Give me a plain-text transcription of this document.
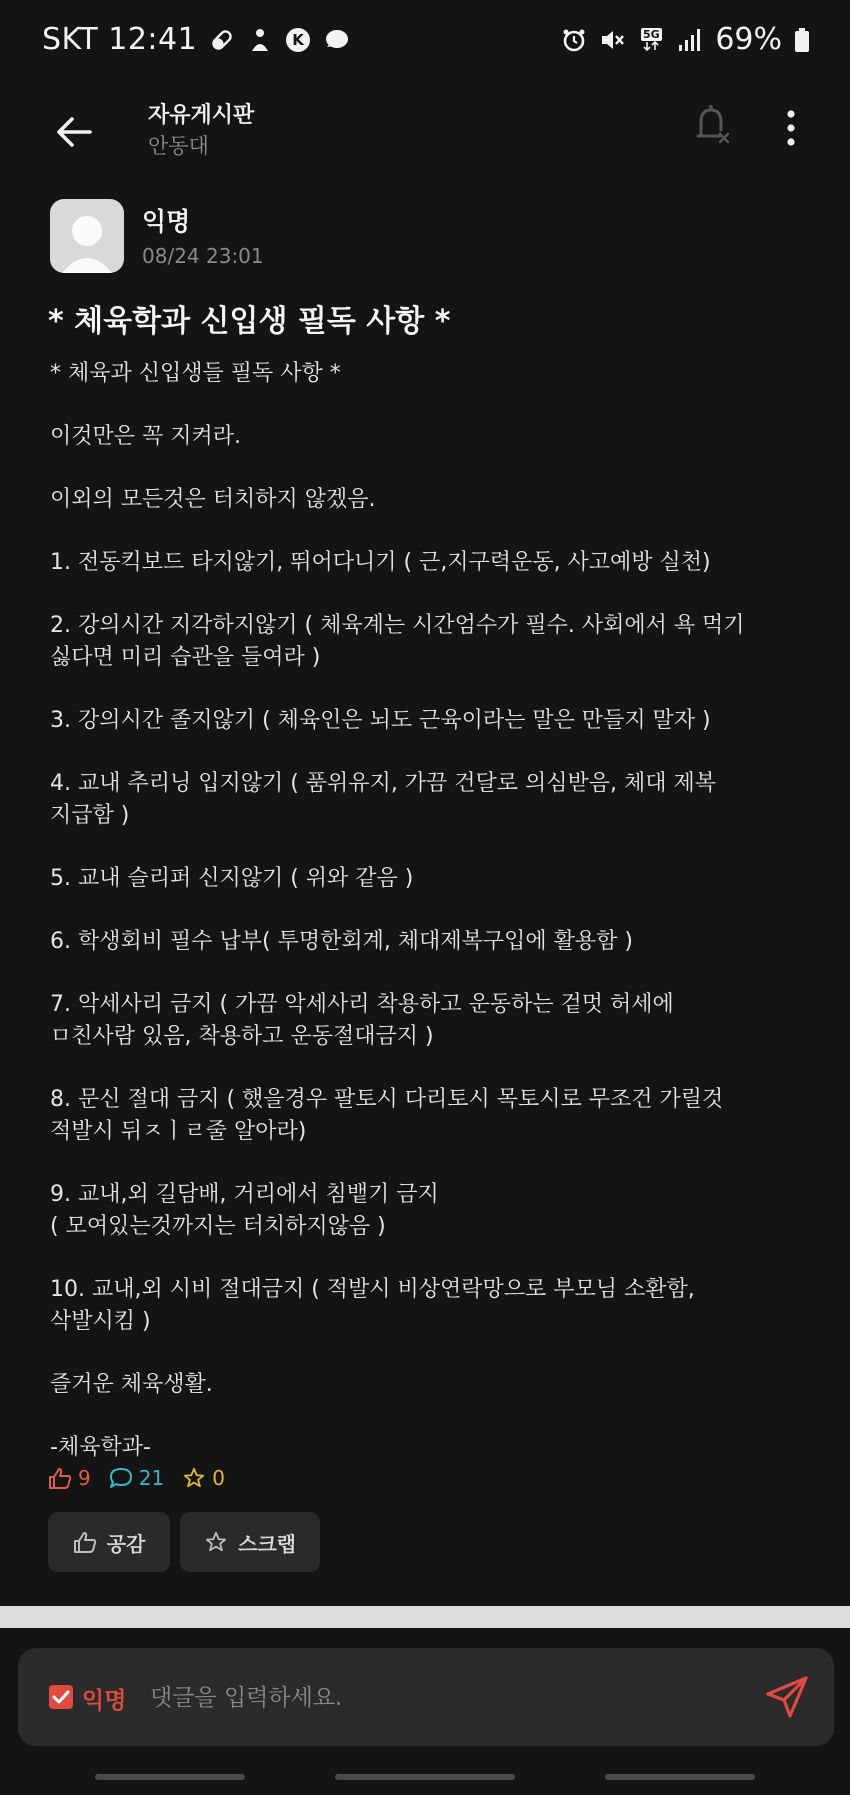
SKT 12:41	K	5G 69%
자유게시판
안동대
익명
08/24 23:01
* 체육학과 신입생 필독 사항 *

* 체육과 신입생들 필독 사항 *

이것만은 꼭 지켜라.

이외의 모든것은 터치하지 않겠음.

1. 전동킥보드 타지않기, 뛰어다니기 ( 근,지구력운동, 사고예방 실천)

2. 강의시간 지각하지않기 ( 체육계는 시간엄수가 필수. 사회에서 욕 먹기

싫다면 미리 습관을 들여라 )

3. 강의시간 졸지않기 ( 체육인은 뇌도 근육이라는 말은 만들지 말자 )

4. 교내 추리닝 입지않기 ( 품위유지, 가끔 건달로 의심받음, 체대 제복

지급함 )

5. 교내 슬리퍼 신지않기 ( 위와 같음 )

6. 학생회비 필수 납부( 투명한회계, 체대제복구입에 활용함 )

7. 악세사리 금지 ( 가끔 악세사리 착용하고 운동하는 겉멋 허세에

ㅁ친사람 있음, 착용하고 운동절대금지 )

8. 문신 절대 금지 ( 했을경우 팔토시 다리토시 목토시로 무조건 가릴것

적발시 뒤ㅈㅣㄹ줄 알아라)

9. 교내,외 길담배, 거리에서 침뱉기 금지

( 모여있는것까지는 터치하지않음 )

10. 교내,외 시비 절대금지 ( 적발시 비상연락망으로 부모님 소환함,

삭발시킴 )

즐거운 체육생활.

-체육학과-

9 21 0
공감	스크랩
익명
댓글을 입력하세요.
